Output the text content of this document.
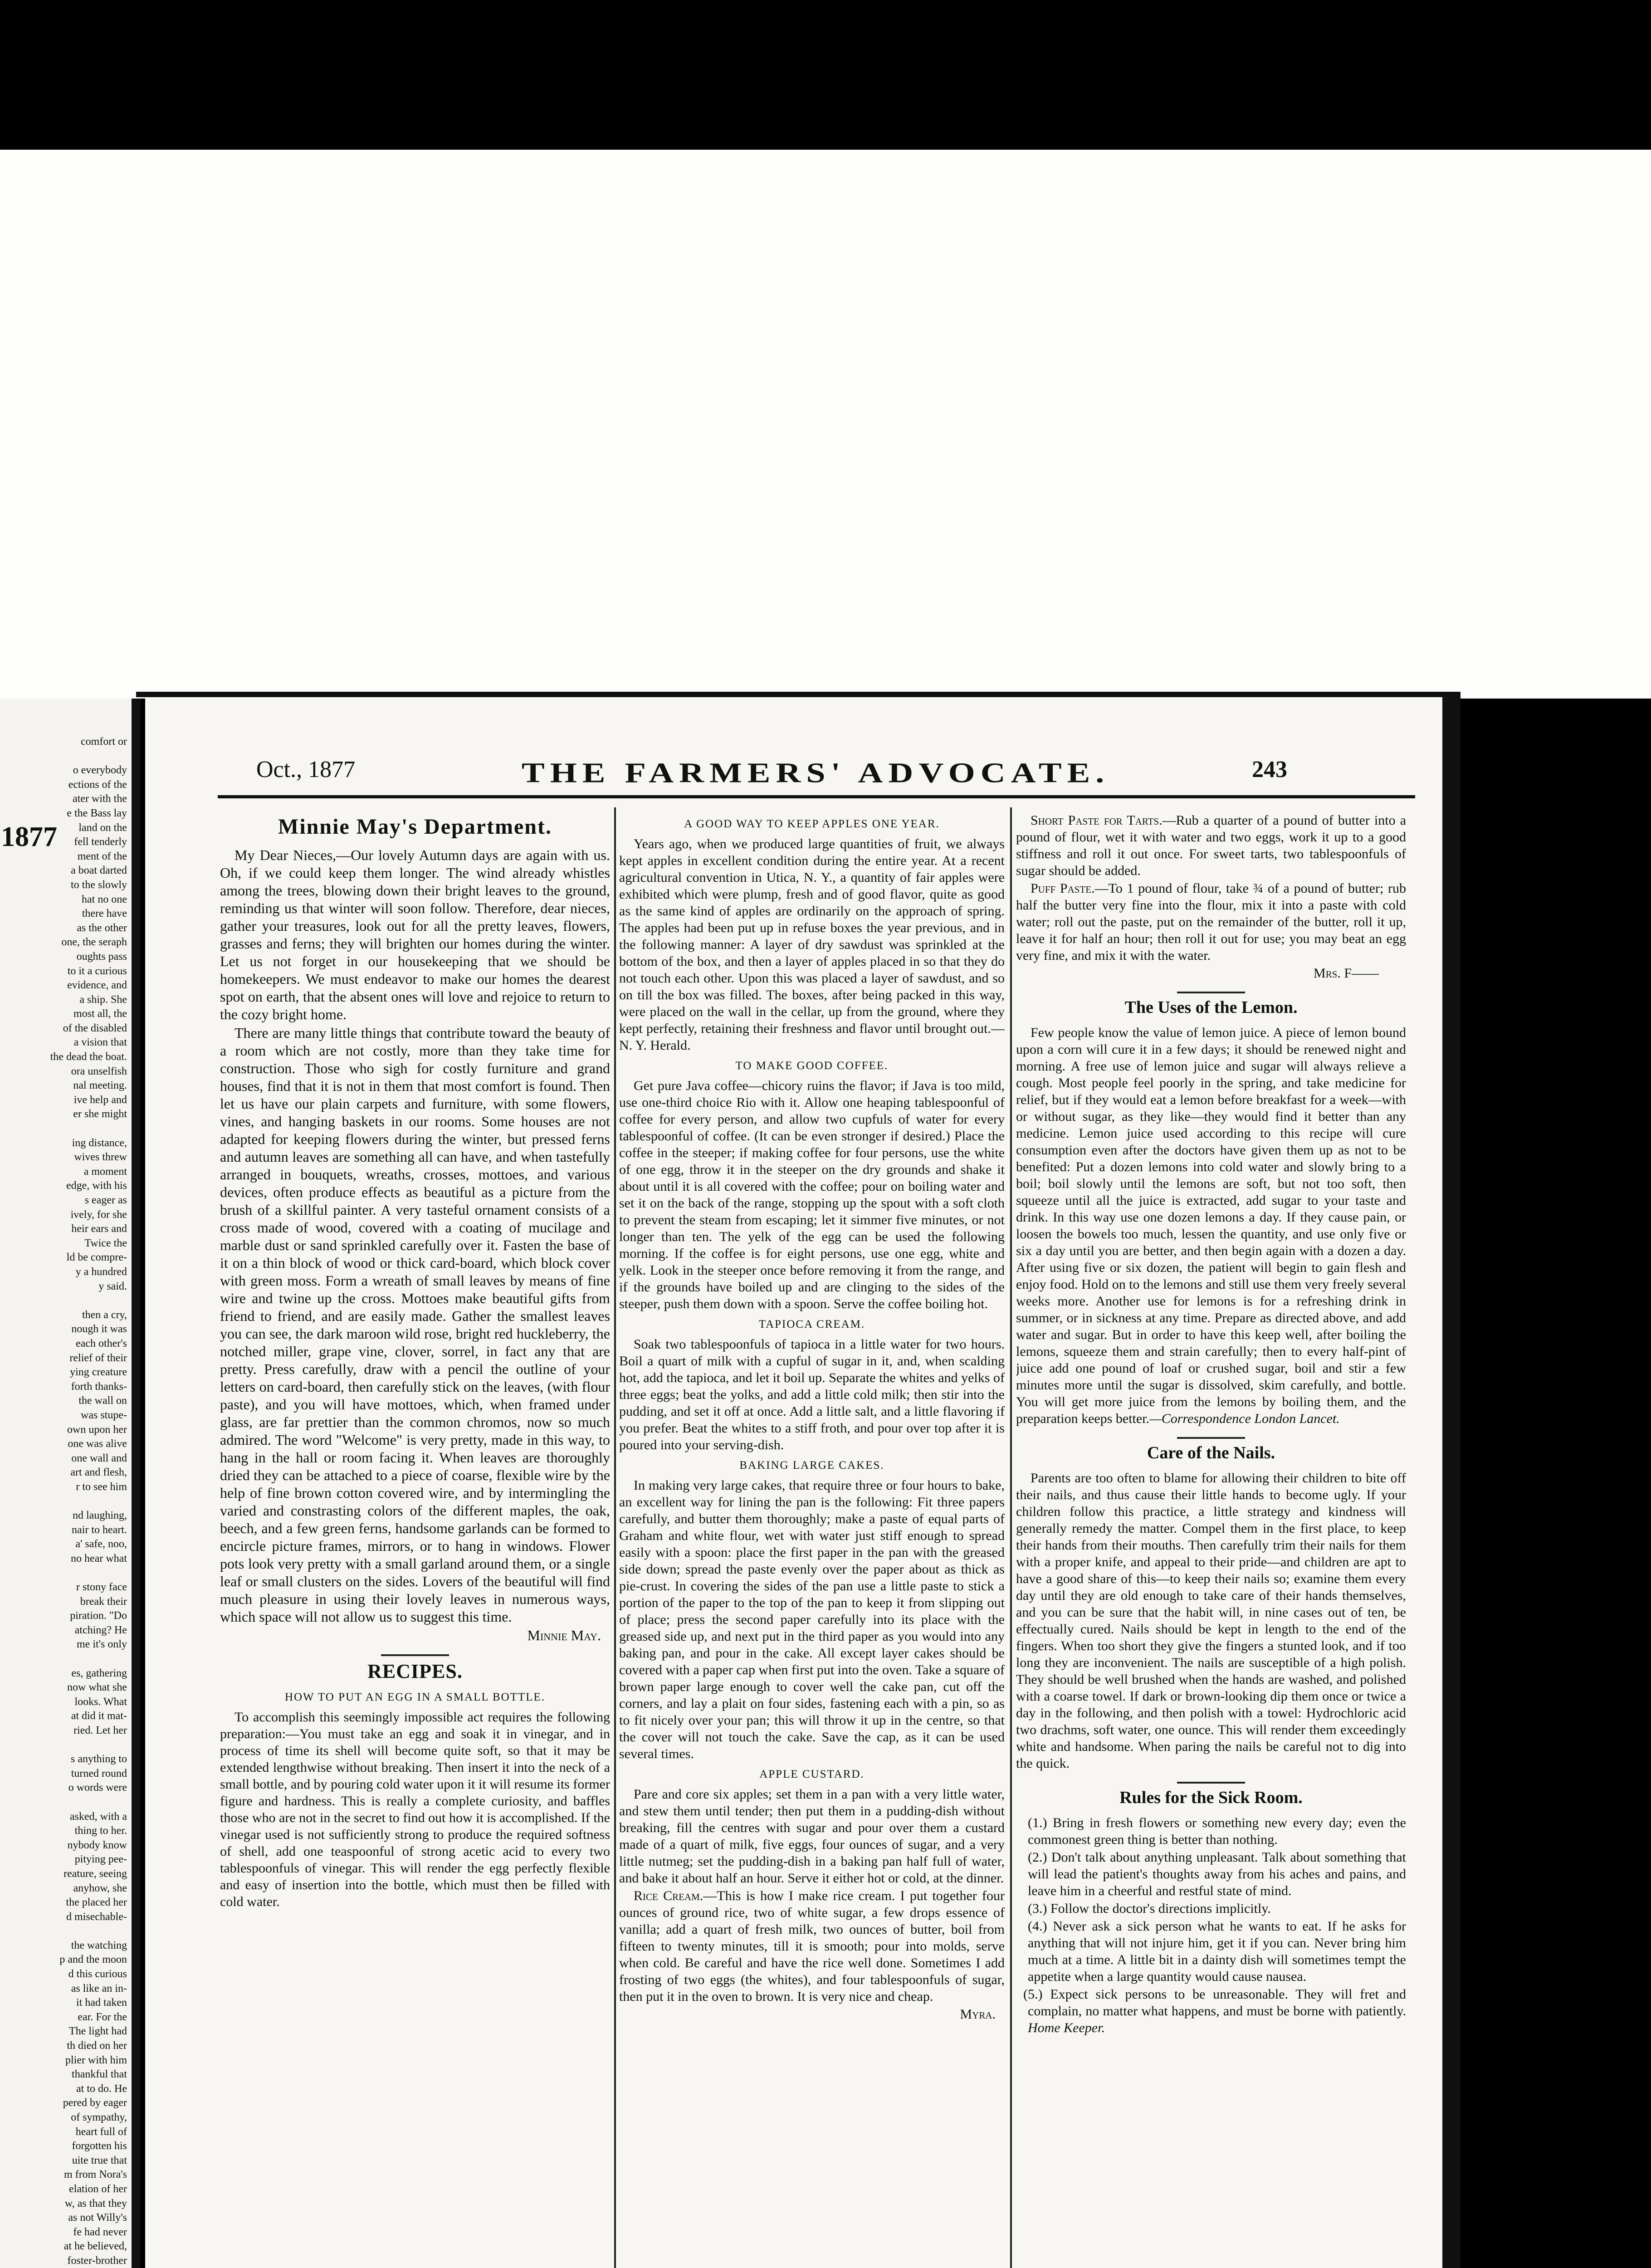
1877
comfort or

o everybody
ections of the
ater with the
e the Bass lay
land on the
fell tenderly
ment of the
a boat darted
to the slowly
hat no one
there have
as the other
one, the seraph
oughts pass
to it a curious
evidence, and
a ship. She
most all, the
of the disabled
a vision that
the dead the boat.
ora unselfish
nal meeting.
ive help and
er she might

ing distance,
wives threw
a moment
edge, with his
s eager as
ively, for she
heir ears and
Twice the
ld be compre-
y a hundred
y said.

then a cry,
nough it was
each other's
relief of their
ying creature
forth thanks-
the wall on
was stupe-
own upon her
one was alive
one wall and
art and flesh,
r to see him

nd laughing,
nair to heart.
a' safe, noo,
no hear what

r stony face
break their
piration. "Do
atching? He
me it's only

es, gathering
now what she
looks. What
at did it mat-
ried. Let her

s anything to
turned round
o words were

asked, with a
thing to her.
nybody know
pitying pee-
reature, seeing
anyhow, she
the placed her
d misechable-

the watching
p and the moon
d this curious
as like an in-
it had taken
ear. For the
The light had
th died on her
plier with him
thankful that
at to do. He
pered by eager
of sympathy,
heart full of
forgotten his
uite true that
m from Nora's
elation of her
w, as that they
as not Willy's
fe had never
at he believed,
foster-brother
Oct., 1877	THE FARMERS' ADVOCATE.	243
Minnie May's Department.

My Dear Nieces,—Our lovely Autumn days are again with us. Oh, if we could keep them longer. The wind already whistles among the trees, blowing down their bright leaves to the ground, reminding us that winter will soon follow. Therefore, dear nieces, gather your treasures, look out for all the pretty leaves, flowers, grasses and ferns; they will brighten our homes during the winter. Let us not forget in our housekeeping that we should be homekeepers. We must endeavor to make our homes the dearest spot on earth, that the absent ones will love and rejoice to return to the cozy bright home.

There are many little things that contribute toward the beauty of a room which are not costly, more than they take time for construction. Those who sigh for costly furniture and grand houses, find that it is not in them that most comfort is found. Then let us have our plain carpets and furniture, with some flowers, vines, and hanging baskets in our rooms. Some houses are not adapted for keeping flowers during the winter, but pressed ferns and autumn leaves are something all can have, and when tastefully arranged in bouquets, wreaths, crosses, mottoes, and various devices, often produce effects as beautiful as a picture from the brush of a skillful painter. A very tasteful ornament consists of a cross made of wood, covered with a coating of mucilage and marble dust or sand sprinkled carefully over it. Fasten the base of it on a thin block of wood or thick card-board, which block cover with green moss. Form a wreath of small leaves by means of fine wire and twine up the cross. Mottoes make beautiful gifts from friend to friend, and are easily made. Gather the smallest leaves you can see, the dark maroon wild rose, bright red huckleberry, the notched miller, grape vine, clover, sorrel, in fact any that are pretty. Press carefully, draw with a pencil the outline of your letters on card-board, then carefully stick on the leaves, (with flour paste), and you will have mottoes, which, when framed under glass, are far prettier than the common chromos, now so much admired. The word "Welcome" is very pretty, made in this way, to hang in the hall or room facing it. When leaves are thoroughly dried they can be attached to a piece of coarse, flexible wire by the help of fine brown cotton covered wire, and by intermingling the varied and constrasting colors of the different maples, the oak, beech, and a few green ferns, handsome garlands can be formed to encircle picture frames, mirrors, or to hang in windows. Flower pots look very pretty with a small garland around them, or a single leaf or small clusters on the sides. Lovers of the beautiful will find much pleasure in using their lovely leaves in numerous ways, which space will not allow us to suggest this time.

Minnie May.

RECIPES.
HOW TO PUT AN EGG IN A SMALL BOTTLE.

To accomplish this seemingly impossible act requires the following preparation:—You must take an egg and soak it in vinegar, and in process of time its shell will become quite soft, so that it may be extended lengthwise without breaking. Then insert it into the neck of a small bottle, and by pouring cold water upon it it will resume its former figure and hardness. This is really a complete curiosity, and baffles those who are not in the secret to find out how it is accomplished. If the vinegar used is not sufficiently strong to produce the required softness of shell, add one teaspoonful of strong acetic acid to every two tablespoonfuls of vinegar. This will render the egg perfectly flexible and easy of insertion into the bottle, which must then be filled with cold water.

A GOOD WAY TO KEEP APPLES ONE YEAR.

Years ago, when we produced large quantities of fruit, we always kept apples in excellent condition during the entire year. At a recent agricultural convention in Utica, N. Y., a quantity of fair apples were exhibited which were plump, fresh and of good flavor, quite as good as the same kind of apples are ordinarily on the approach of spring. The apples had been put up in refuse boxes the year previous, and in the following manner: A layer of dry sawdust was sprinkled at the bottom of the box, and then a layer of apples placed in so that they do not touch each other. Upon this was placed a layer of sawdust, and so on till the box was filled. The boxes, after being packed in this way, were placed on the wall in the cellar, up from the ground, where they kept perfectly, retaining their freshness and flavor until brought out.—N. Y. Herald.

TO MAKE GOOD COFFEE.

Get pure Java coffee—chicory ruins the flavor; if Java is too mild, use one-third choice Rio with it. Allow one heaping tablespoonful of coffee for every person, and allow two cupfuls of water for every tablespoonful of coffee. (It can be even stronger if desired.) Place the coffee in the steeper; if making coffee for four persons, use the white of one egg, throw it in the steeper on the dry grounds and shake it about until it is all covered with the coffee; pour on boiling water and set it on the back of the range, stopping up the spout with a soft cloth to prevent the steam from escaping; let it simmer five minutes, or not longer than ten. The yelk of the egg can be used the following morning. If the coffee is for eight persons, use one egg, white and yelk. Look in the steeper once before removing it from the range, and if the grounds have boiled up and are clinging to the sides of the steeper, push them down with a spoon. Serve the coffee boiling hot.

TAPIOCA CREAM.

Soak two tablespoonfuls of tapioca in a little water for two hours. Boil a quart of milk with a cupful of sugar in it, and, when scalding hot, add the tapioca, and let it boil up. Separate the whites and yelks of three eggs; beat the yolks, and add a little cold milk; then stir into the pudding, and set it off at once. Add a little salt, and a little flavoring if you prefer. Beat the whites to a stiff froth, and pour over top after it is poured into your serving-dish.

BAKING LARGE CAKES.

In making very large cakes, that require three or four hours to bake, an excellent way for lining the pan is the following: Fit three papers carefully, and butter them thoroughly; make a paste of equal parts of Graham and white flour, wet with water just stiff enough to spread easily with a spoon: place the first paper in the pan with the greased side down; spread the paste evenly over the paper about as thick as pie-crust. In covering the sides of the pan use a little paste to stick a portion of the paper to the top of the pan to keep it from slipping out of place; press the second paper carefully into its place with the greased side up, and next put in the third paper as you would into any baking pan, and pour in the cake. All except layer cakes should be covered with a paper cap when first put into the oven. Take a square of brown paper large enough to cover well the cake pan, cut off the corners, and lay a plait on four sides, fastening each with a pin, so as to fit nicely over your pan; this will throw it up in the centre, so that the cover will not touch the cake. Save the cap, as it can be used several times.

APPLE CUSTARD.

Pare and core six apples; set them in a pan with a very little water, and stew them until tender; then put them in a pudding-dish without breaking, fill the centres with sugar and pour over them a custard made of a quart of milk, five eggs, four ounces of sugar, and a very little nutmeg; set the pudding-dish in a baking pan half full of water, and bake it about half an hour. Serve it either hot or cold, at the dinner.

Rice Cream.—This is how I make rice cream. I put together four ounces of ground rice, two of white sugar, a few drops essence of vanilla; add a quart of fresh milk, two ounces of butter, boil from fifteen to twenty minutes, till it is smooth; pour into molds, serve when cold. Be careful and have the rice well done. Sometimes I add frosting of two eggs (the whites), and four tablespoonfuls of sugar, then put it in the oven to brown. It is very nice and cheap.

Myra.

Short Paste for Tarts.—Rub a quarter of a pound of butter into a pound of flour, wet it with water and two eggs, work it up to a good stiffness and roll it out once. For sweet tarts, two tablespoonfuls of sugar should be added.

Puff Paste.—To 1 pound of flour, take ¾ of a pound of butter; rub half the butter very fine into the flour, mix it into a paste with cold water; roll out the paste, put on the remainder of the butter, roll it up, leave it for half an hour; then roll it out for use; you may beat an egg very fine, and mix it with the water.

Mrs. F——

The Uses of the Lemon.

Few people know the value of lemon juice. A piece of lemon bound upon a corn will cure it in a few days; it should be renewed night and morning. A free use of lemon juice and sugar will always relieve a cough. Most people feel poorly in the spring, and take medicine for relief, but if they would eat a lemon before breakfast for a week—with or without sugar, as they like—they would find it better than any medicine. Lemon juice used according to this recipe will cure consumption even after the doctors have given them up as not to be benefited: Put a dozen lemons into cold water and slowly bring to a boil; boil slowly until the lemons are soft, but not too soft, then squeeze until all the juice is extracted, add sugar to your taste and drink. In this way use one dozen lemons a day. If they cause pain, or loosen the bowels too much, lessen the quantity, and use only five or six a day until you are better, and then begin again with a dozen a day. After using five or six dozen, the patient will begin to gain flesh and enjoy food. Hold on to the lemons and still use them very freely several weeks more. Another use for lemons is for a refreshing drink in summer, or in sickness at any time. Prepare as directed above, and add water and sugar. But in order to have this keep well, after boiling the lemons, squeeze them and strain carefully; then to every half-pint of juice add one pound of loaf or crushed sugar, boil and stir a few minutes more until the sugar is dissolved, skim carefully, and bottle. You will get more juice from the lemons by boiling them, and the preparation keeps better.—Correspondence London Lancet.

Care of the Nails.

Parents are too often to blame for allowing their children to bite off their nails, and thus cause their little hands to become ugly. If your children follow this practice, a little strategy and kindness will generally remedy the matter. Compel them in the first place, to keep their hands from their mouths. Then carefully trim their nails for them with a proper knife, and appeal to their pride—and children are apt to have a good share of this—to keep their nails so; examine them every day until they are old enough to take care of their hands themselves, and you can be sure that the habit will, in nine cases out of ten, be effectually cured. Nails should be kept in length to the end of the fingers. When too short they give the fingers a stunted look, and if too long they are inconvenient. The nails are susceptible of a high polish. They should be well brushed when the hands are washed, and polished with a coarse towel. If dark or brown-looking dip them once or twice a day in the following, and then polish with a towel: Hydrochloric acid two drachms, soft water, one ounce. This will render them exceedingly white and handsome. When paring the nails be careful not to dig into the quick.

Rules for the Sick Room.

(1.) Bring in fresh flowers or something new every day; even the commonest green thing is better than nothing.

(2.) Don't talk about anything unpleasant. Talk about something that will lead the patient's thoughts away from his aches and pains, and leave him in a cheerful and restful state of mind.

(3.) Follow the doctor's directions implicitly.

(4.) Never ask a sick person what he wants to eat. If he asks for anything that will not injure him, get it if you can. Never bring him much at a time. A little bit in a dainty dish will sometimes tempt the appetite when a large quantity would cause nausea.

(5.) Expect sick persons to be unreasonable. They will fret and complain, no matter what happens, and must be borne with patiently. Home Keeper.
